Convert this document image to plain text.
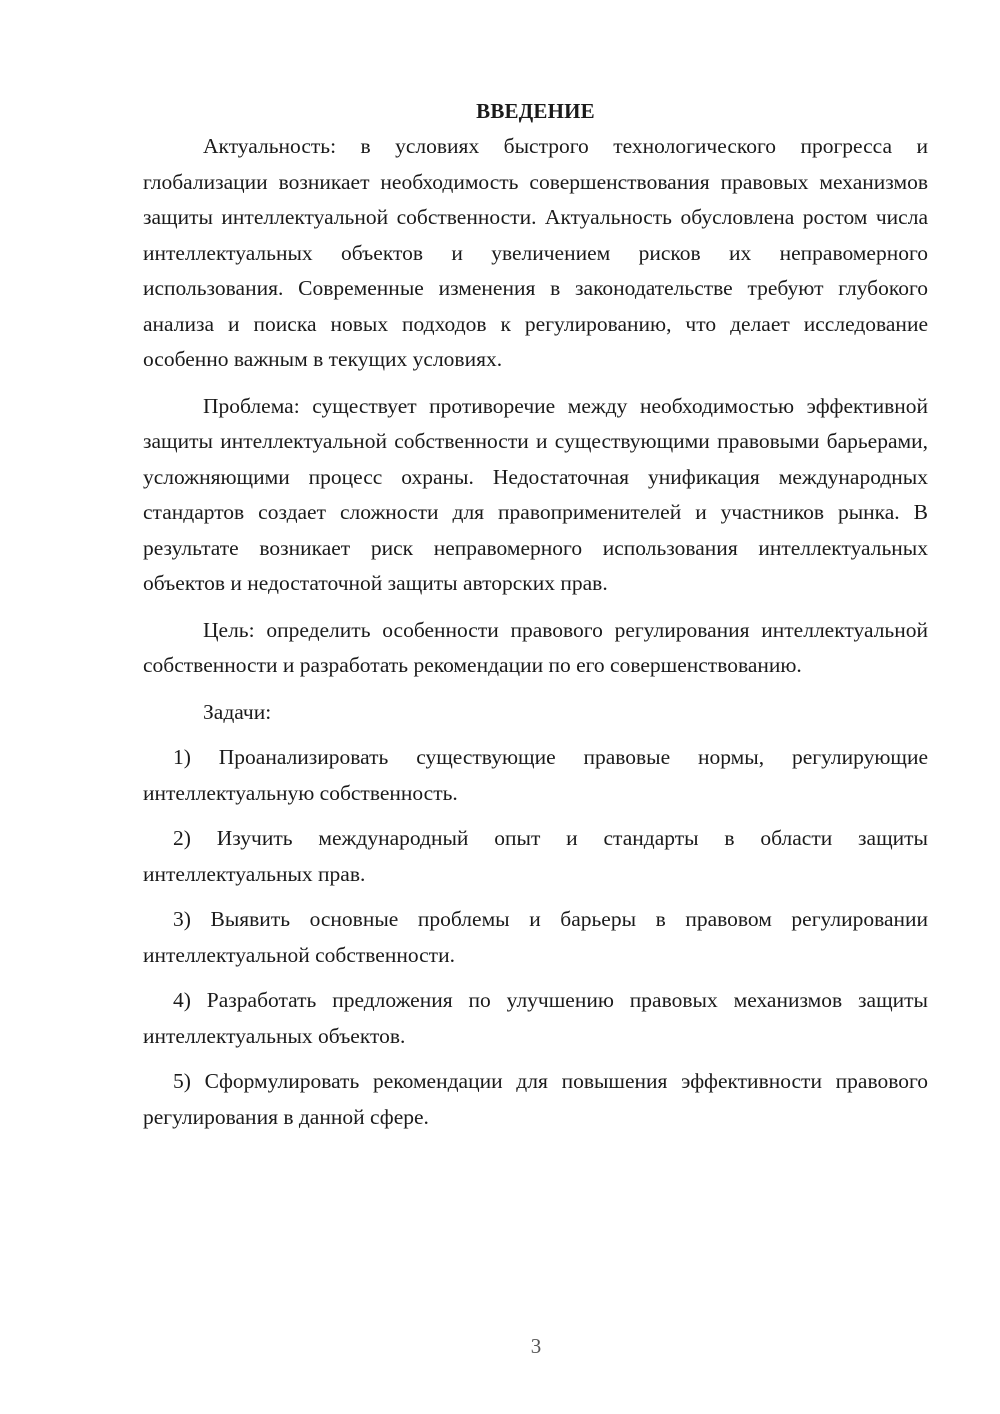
ВВЕДЕНИЕ

Актуальность: в условиях быстрого технологического прогресса и глобализации возникает необходимость совершенствования правовых механизмов защиты интеллектуальной собственности. Актуальность обусловлена ростом числа интеллектуальных объектов и увеличением рисков их неправомерного использования. Современные изменения в законодательстве требуют глубокого анализа и поиска новых подходов к регулированию, что делает исследование особенно важным в текущих условиях.

Проблема: существует противоречие между необходимостью эффективной защиты интеллектуальной собственности и существующими правовыми барьерами, усложняющими процесс охраны. Недостаточная унификация международных стандартов создает сложности для правоприменителей и участников рынка. В результате возникает риск неправомерного использования интеллектуальных объектов и недостаточной защиты авторских прав.

Цель: определить особенности правового регулирования интеллектуальной собственности и разработать рекомендации по его совершенствованию.

Задачи:

1) Проанализировать существующие правовые нормы, регулирующие интеллектуальную собственность.

2) Изучить международный опыт и стандарты в области защиты интеллектуальных прав.

3) Выявить основные проблемы и барьеры в правовом регулировании интеллектуальной собственности.

4) Разработать предложения по улучшению правовых механизмов защиты интеллектуальных объектов.

5) Сформулировать рекомендации для повышения эффективности правового регулирования в данной сфере.

3
